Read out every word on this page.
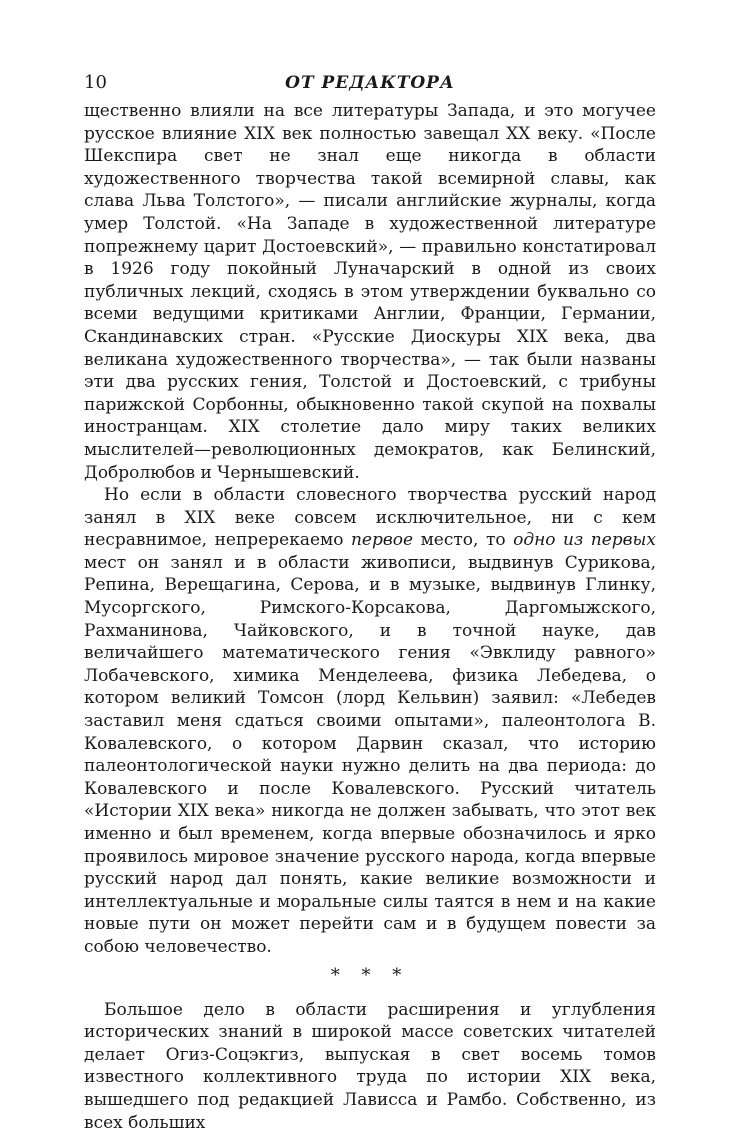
10	ОТ РЕДАКТОРА

щественно влияли на все литературы Запада, и это могучее русское влияние XIX век полностью завещал XX веку. «После Шекспира свет не знал еще никогда в области художественного творчества такой всемирной славы, как слава Льва Толстого», — писали английские журналы, когда умер Толстой. «На Западе в художественной литературе попрежнему царит Достоевский», — правильно констатировал в 1926 году покойный Луначарский в одной из своих публичных лекций, сходясь в этом утверждении буквально со всеми ведущими критиками Англии, Франции, Германии, Скандинавских стран. «Русские Диоскуры XIX века, два великана художественного творчества», — так были названы эти два русских гения, Толстой и Достоевский, с трибуны парижской Сорбонны, обыкновенно такой скупой на похвалы иностранцам. XIX столетие дало миру таких великих мыслителей—революционных демократов, как Белинский, Добролюбов и Чернышевский.

Но если в области словесного творчества русский народ занял в XIX веке совсем исключительное, ни с кем несравнимое, непререкаемо первое место, то одно из первых мест он занял и в области живописи, выдвинув Сурикова, Репина, Верещагина, Серова, и в музыке, выдвинув Глинку, Мусоргского, Римского-Корсакова, Даргомыжского, Рахманинова, Чайковского, и в точной науке, дав величайшего математического гения «Эвклиду равного» Лобачевского, химика Менделеева, физика Лебедева, о котором великий Томсон (лорд Кельвин) заявил: «Лебедев заставил меня сдаться своими опытами», палеонтолога В. Ковалевского, о котором Дарвин сказал, что историю палеонтологической науки нужно делить на два периода: до Ковалевского и после Ковалевского. Русский читатель «Истории XIX века» никогда не должен забывать, что этот век именно и был временем, когда впервые обозначилось и ярко проявилось мировое значение русского народа, когда впервые русский народ дал понять, какие великие возможности и интеллектуальные и моральные силы таятся в нем и на какие новые пути он может перейти сам и в будущем повести за собою человечество.

* * *

Большое дело в области расширения и углубления исторических знаний в широкой массе советских читателей делает Огиз-Соцэкгиз, выпуская в свет восемь томов известного коллективного труда по истории XIX века, вышедшего под редакцией Лависса и Рамбо. Собственно, из всех больших
